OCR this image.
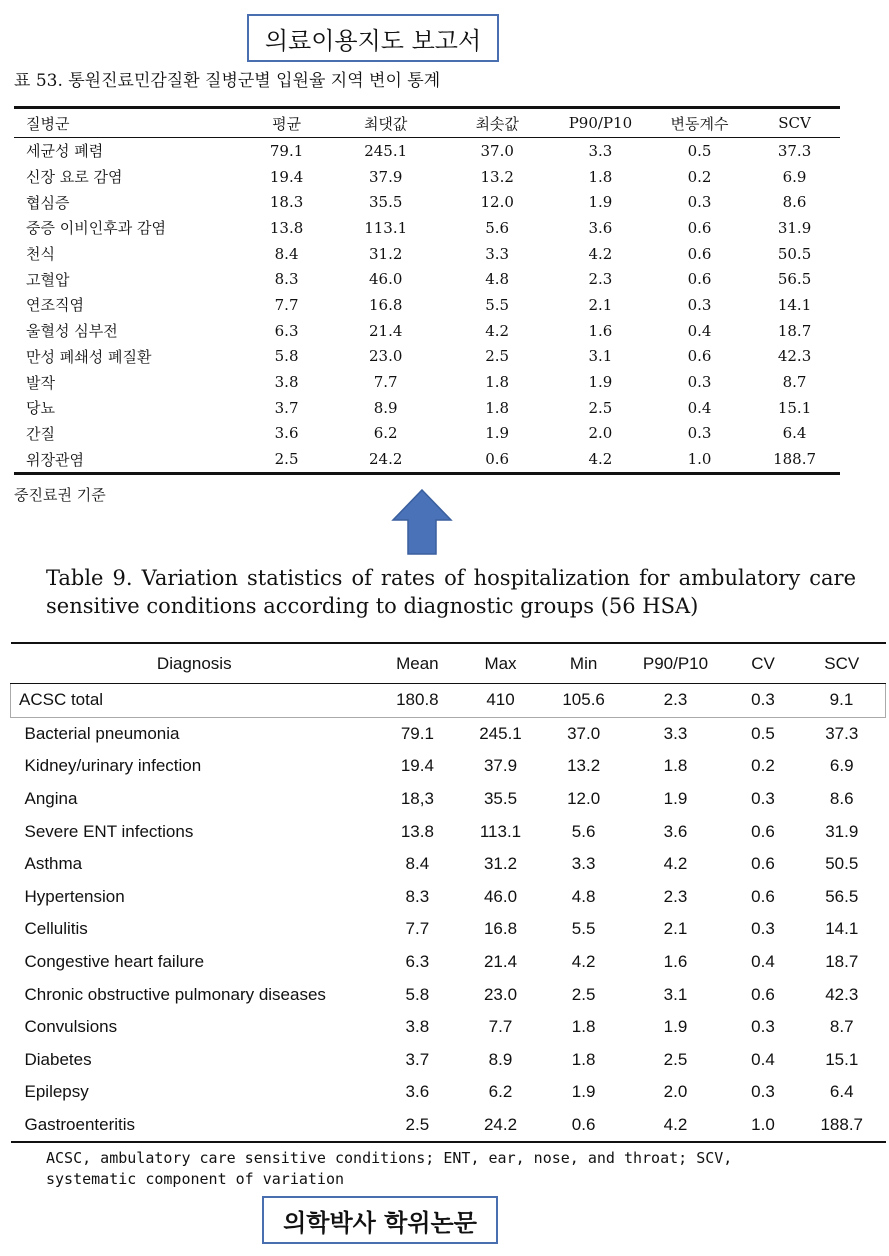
의료이용지도 보고서
표 53. 통원진료민감질환 질병군별 입원율 지역 변이 통계
질병군	평균	최댓값	최솟값	P90/P10	변동계수	SCV
세균성 폐렴	79.1	245.1	37.0	3.3	0.5	37.3
신장 요로 감염	19.4	37.9	13.2	1.8	0.2	6.9
협심증	18.3	35.5	12.0	1.9	0.3	8.6
중증 이비인후과 감염	13.8	113.1	5.6	3.6	0.6	31.9
천식	8.4	31.2	3.3	4.2	0.6	50.5
고혈압	8.3	46.0	4.8	2.3	0.6	56.5
연조직염	7.7	16.8	5.5	2.1	0.3	14.1
울혈성 심부전	6.3	21.4	4.2	1.6	0.4	18.7
만성 폐쇄성 폐질환	5.8	23.0	2.5	3.1	0.6	42.3
발작	3.8	7.7	1.8	1.9	0.3	8.7
당뇨	3.7	8.9	1.8	2.5	0.4	15.1
간질	3.6	6.2	1.9	2.0	0.3	6.4
위장관염	2.5	24.2	0.6	4.2	1.0	188.7
중진료권 기준
Table 9. Variation statistics of rates of hospitalization for ambulatory care sensitive conditions according to diagnostic groups (56 HSA)
Diagnosis	Mean	Max	Min	P90/P10	CV	SCV
ACSC total	180.8	410	105.6	2.3	0.3	9.1
Bacterial pneumonia	79.1	245.1	37.0	3.3	0.5	37.3
Kidney/urinary infection	19.4	37.9	13.2	1.8	0.2	6.9
Angina	18,3	35.5	12.0	1.9	0.3	8.6
Severe ENT infections	13.8	113.1	5.6	3.6	0.6	31.9
Asthma	8.4	31.2	3.3	4.2	0.6	50.5
Hypertension	8.3	46.0	4.8	2.3	0.6	56.5
Cellulitis	7.7	16.8	5.5	2.1	0.3	14.1
Congestive heart failure	6.3	21.4	4.2	1.6	0.4	18.7
Chronic obstructive pulmonary diseases	5.8	23.0	2.5	3.1	0.6	42.3
Convulsions	3.8	7.7	1.8	1.9	0.3	8.7
Diabetes	3.7	8.9	1.8	2.5	0.4	15.1
Epilepsy	3.6	6.2	1.9	2.0	0.3	6.4
Gastroenteritis	2.5	24.2	0.6	4.2	1.0	188.7
ACSC, ambulatory care sensitive conditions; ENT, ear, nose, and throat; SCV,
systematic component of variation
의학박사 학위논문
